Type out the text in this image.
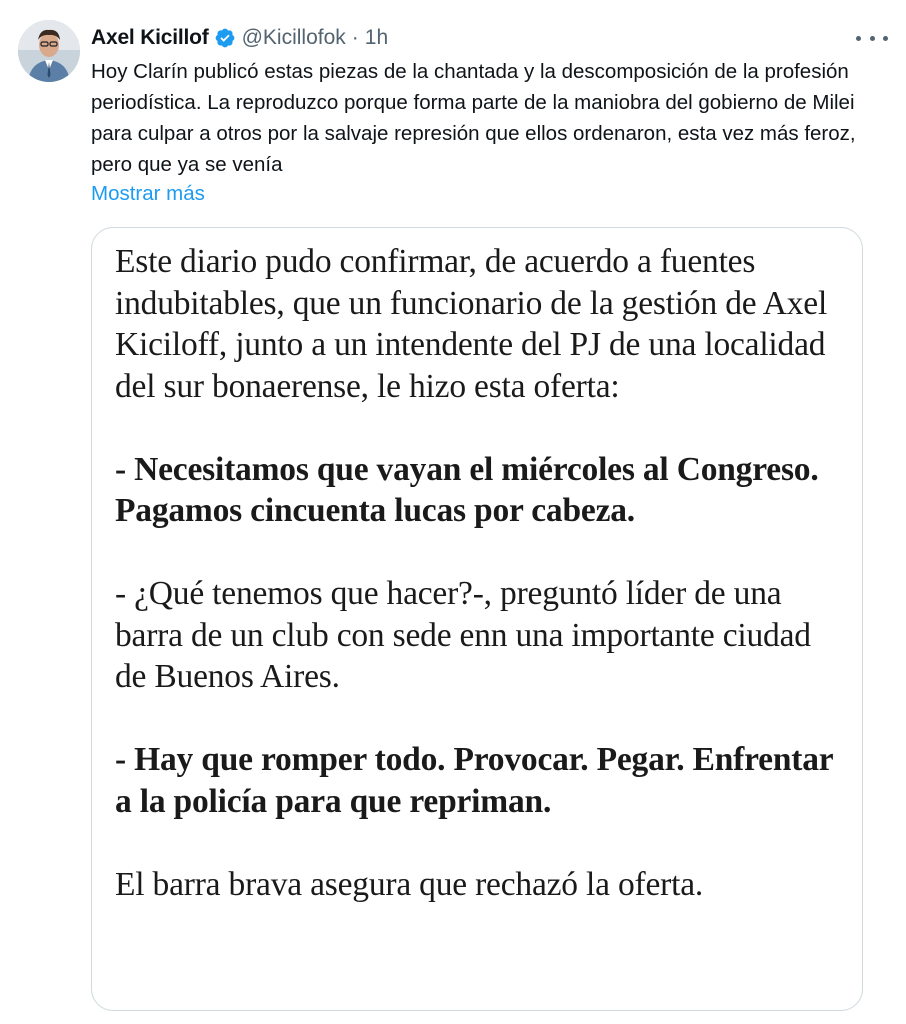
Axel Kicillof @Kicillofok · 1h

Hoy Clarín publicó estas piezas de la chantada y la descomposición de la profesión periodística. La reproduzco porque forma parte de la maniobra del gobierno de Milei para culpar a otros por la salvaje represión que ellos ordenaron, esta vez más feroz, pero que ya se venía

Mostrar más

Este diario pudo confirmar, de acuerdo a fuentes indubitables, que un funcionario de la gestión de Axel Kiciloff, junto a un intendente del PJ de una localidad del sur bonaerense, le hizo esta oferta:

- Necesitamos que vayan el miércoles al Congreso. Pagamos cincuenta lucas por cabeza.

- ¿Qué tenemos que hacer?-, preguntó líder de una barra de un club con sede enn una importante ciudad de Buenos Aires.

- Hay que romper todo. Provocar. Pegar. Enfrentar a la policía para que repriman.

El barra brava asegura que rechazó la oferta.
